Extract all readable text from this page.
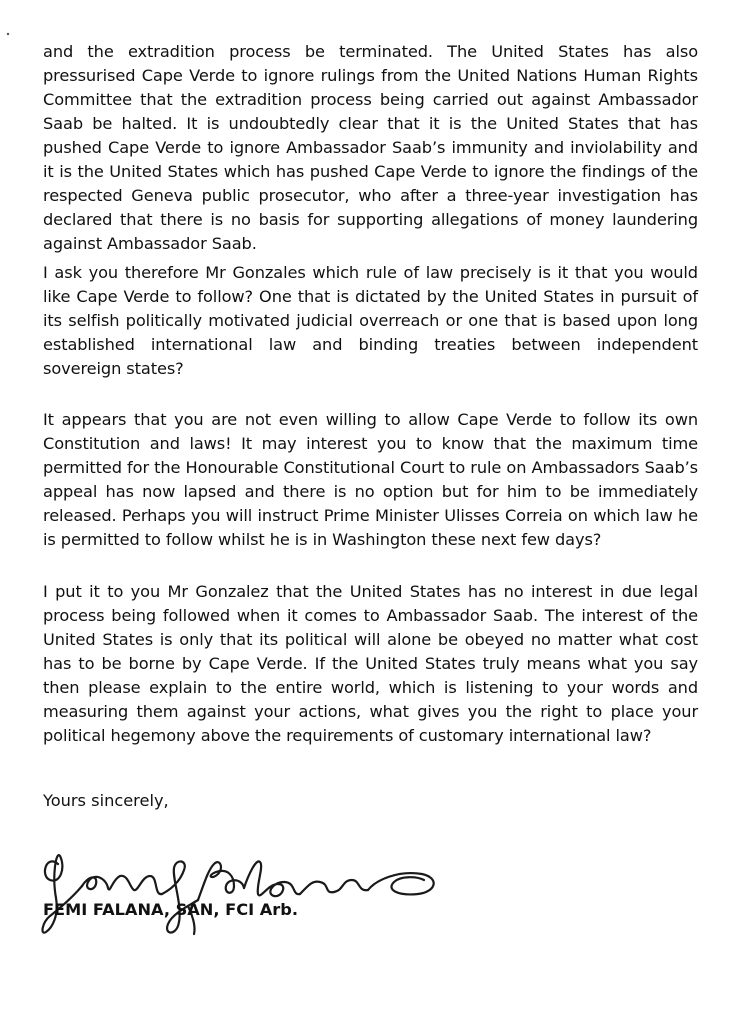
and the extradition process be terminated. The United States has also pressurised Cape Verde to ignore rulings from the United Nations Human Rights Committee that the extradition process being carried out against Ambassador Saab be halted. It is undoubtedly clear that it is the United States that has pushed Cape Verde to ignore Ambassador Saab’s immunity and inviolability and it is the United States which has pushed Cape Verde to ignore the findings of the respected Geneva public prosecutor, who after a three-year investigation has declared that there is no basis for supporting allegations of money laundering against Ambassador Saab.

I ask you therefore Mr Gonzales which rule of law precisely is it that you would like Cape Verde to follow? One that is dictated by the United States in pursuit of its selfish politically motivated judicial overreach or one that is based upon long established international law and binding treaties between independent sovereign states?

It appears that you are not even willing to allow Cape Verde to follow its own Constitution and laws! It may interest you to know that the maximum time permitted for the Honourable Constitutional Court to rule on Ambassadors Saab’s appeal has now lapsed and there is no option but for him to be immediately released. Perhaps you will instruct Prime Minister Ulisses Correia on which law he is permitted to follow whilst he is in Washington these next few days?

I put it to you Mr Gonzalez that the United States has no interest in due legal process being followed when it comes to Ambassador Saab. The interest of the United States is only that its political will alone be obeyed no matter what cost has to be borne by Cape Verde. If the United States truly means what you say then please explain to the entire world, which is listening to your words and measuring them against your actions, what gives you the right to place your political hegemony above the requirements of customary international law?

Yours sincerely,

FEMI FALANA, SAN, FCI Arb.
